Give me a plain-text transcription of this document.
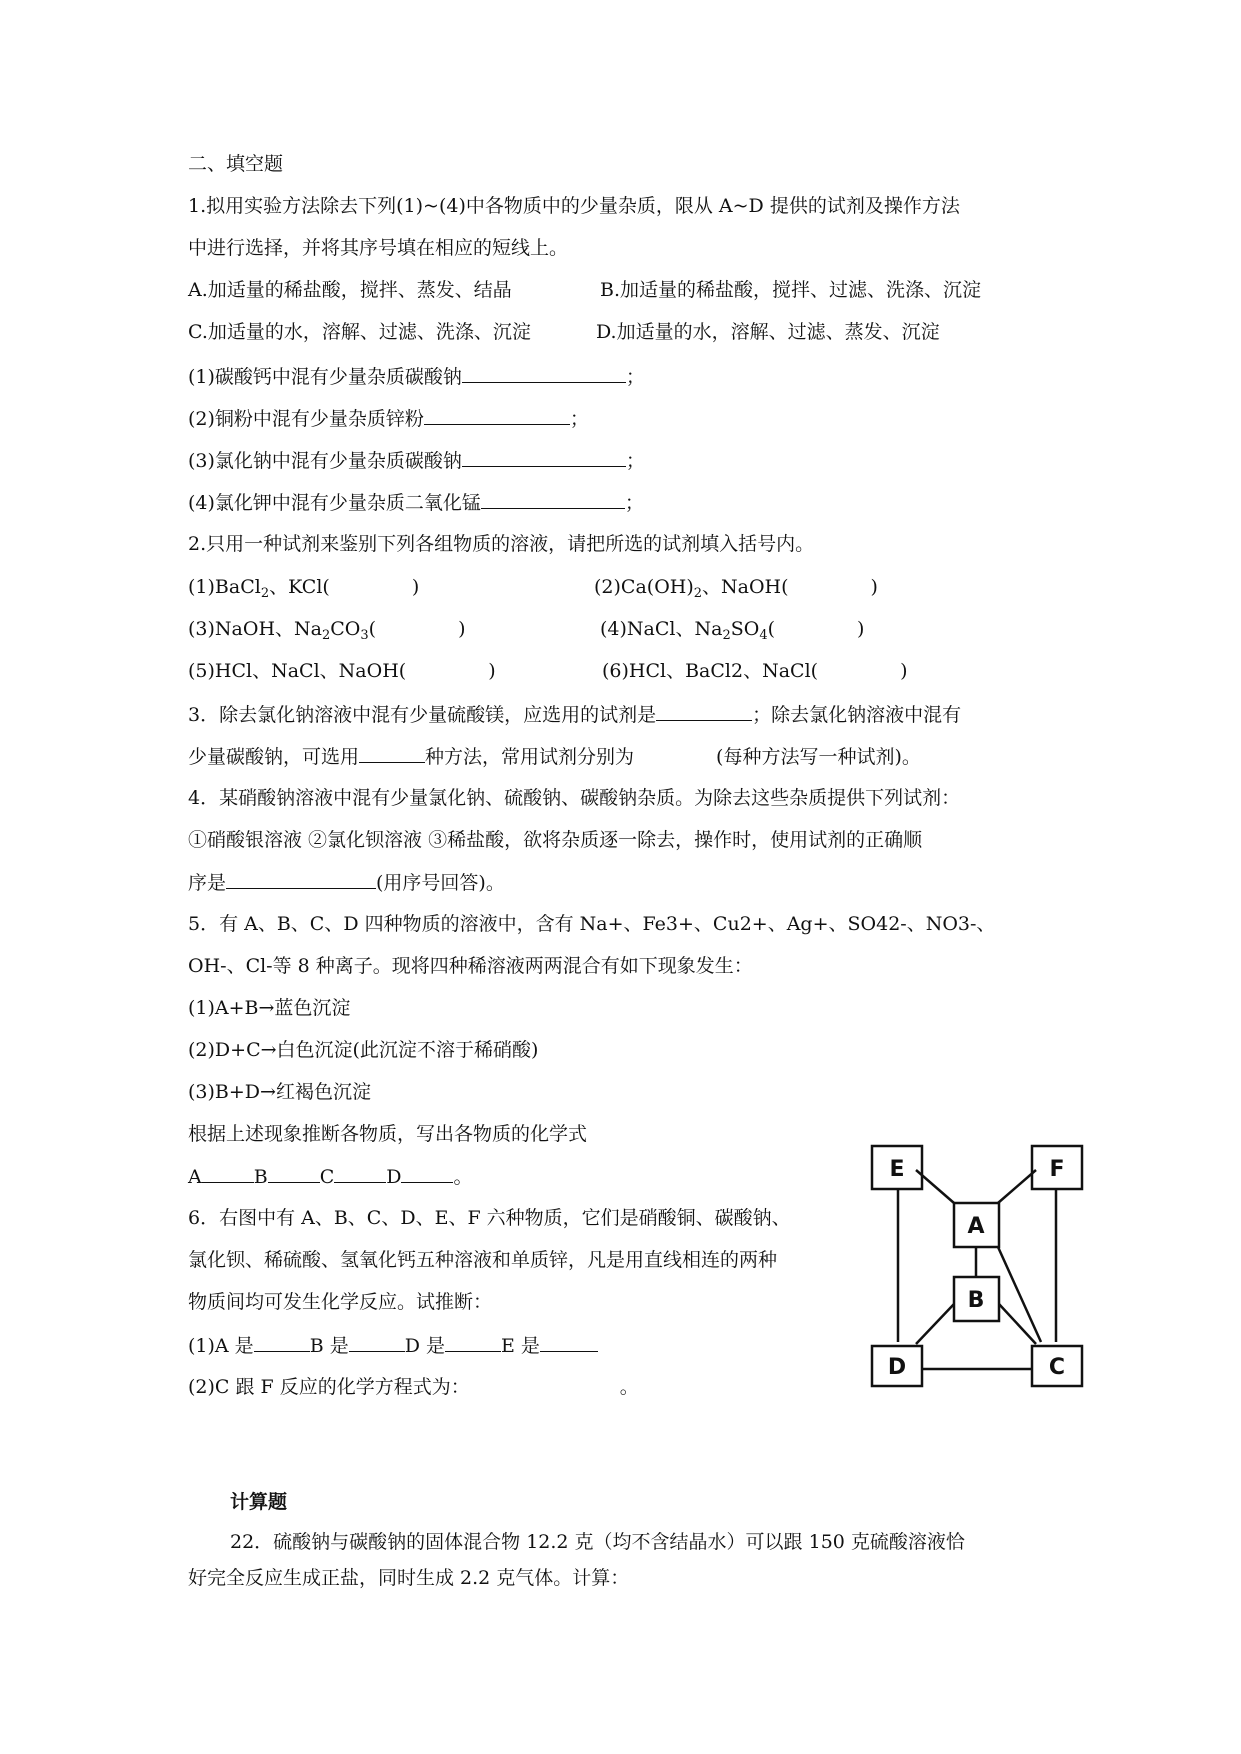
二、填空题
1.拟用实验方法除去下列(1)~(4)中各物质中的少量杂质，限从 A~D 提供的试剂及操作方法
中进行选择，并将其序号填在相应的短线上。
A.加适量的稀盐酸，搅拌、蒸发、结晶	B.加适量的稀盐酸，搅拌、过滤、洗涤、沉淀
C.加适量的水，溶解、过滤、洗涤、沉淀	D.加适量的水，溶解、过滤、蒸发、沉淀
(1)碳酸钙中混有少量杂质碳酸钠	；
(2)铜粉中混有少量杂质锌粉	；
(3)氯化钠中混有少量杂质碳酸钠	；
(4)氯化钾中混有少量杂质二氧化锰	；
2.只用一种试剂来鉴别下列各组物质的溶液，请把所选的试剂填入括号内。
(1)BaCl$_2$、KCl(	)	$(2)Ca(OH)_2$、NaOH(	)
(3)NaOH、$Na_2CO_3$(	)	(4)NaCl、$Na_2SO_4$(	)
(5)HCl、NaCl、NaOH(	)	(6)HCl、BaCl2、NaCl(	)
3．除去氯化钠溶液中混有少量硫酸镁，应选用的试剂是	；除去氯化钠溶液中混有
少量碳酸钠，可选用	种方法，常用试剂分别为	(每种方法写一种试剂)。
4．某硝酸钠溶液中混有少量氯化钠、硫酸钠、碳酸钠杂质。为除去这些杂质提供下列试剂：
①硝酸银溶液 ②氯化钡溶液 ③稀盐酸，欲将杂质逐一除去，操作时，使用试剂的正确顺
序是	(用序号回答)。
5．有 A、B、C、D 四种物质的溶液中，含有 Na+、Fe3+、Cu2+、Ag+、SO42-、NO3-、
OH-、Cl-等 8 种离子。现将四种稀溶液两两混合有如下现象发生：
(1)A+B→蓝色沉淀
(2)D+C→白色沉淀(此沉淀不溶于稀硝酸)
(3)B+D→红褐色沉淀
根据上述现象推断各物质，写出各物质的化学式
A	B	C	D	。
6．右图中有 A、B、C、D、E、F 六种物质，它们是硝酸铜、碳酸钠、
氯化钡、稀硫酸、氢氧化钙五种溶液和单质锌，凡是用直线相连的两种
物质间均可发生化学反应。试推断：
(1)A 是	B 是	D 是	E 是
(2)C 跟 F 反应的化学方程式为：	。
E	F
A
B
D	C
计算题
22．硫酸钠与碳酸钠的固体混合物 12.2 克（均不含结晶水）可以跟 150 克硫酸溶液恰
好完全反应生成正盐，同时生成 2.2 克气体。计算：
